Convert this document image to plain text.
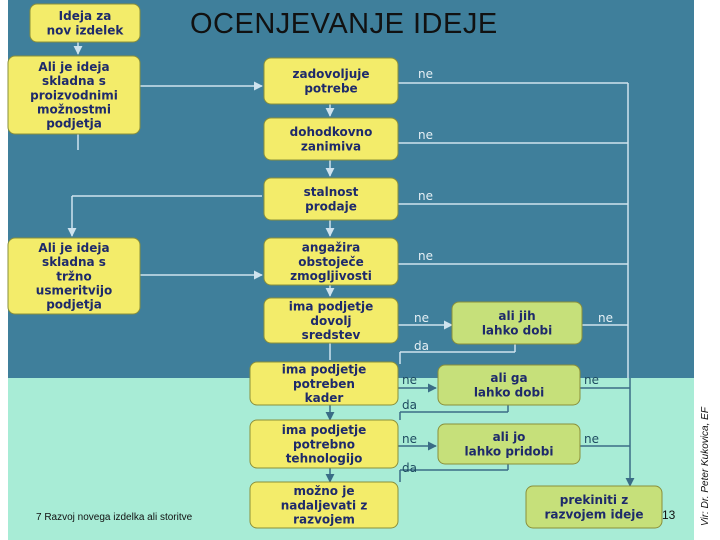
ne
ne
ne
ne
ne	ne
da
ne	ne
da
ne	ne
da
Ideja za
nov izdelek
Ali je ideja
skladna s
proizvodnimi
možnostmi
podjetja
Ali je ideja
skladna s
tržno
usmeritvijo
podjetja
zadovoljuje
potrebe
dohodkovno
zanimiva
stalnost
prodaje
angažira
obstoječe
zmogljivosti
ima podjetje
dovolj
sredstev
ima podjetje
potreben
kader
ima podjetje
potrebno
tehnologijo
ali jih
lahko dobi
ali ga
lahko dobi
ali jo
lahko pridobi
možno je
nadaljevati z
razvojem
prekiniti z
razvojem ideje
OCENJEVANJE IDEJE
7 Razvoj novega izdelka ali storitve	13 Vir: Dr. Peter Kukovica, EF
